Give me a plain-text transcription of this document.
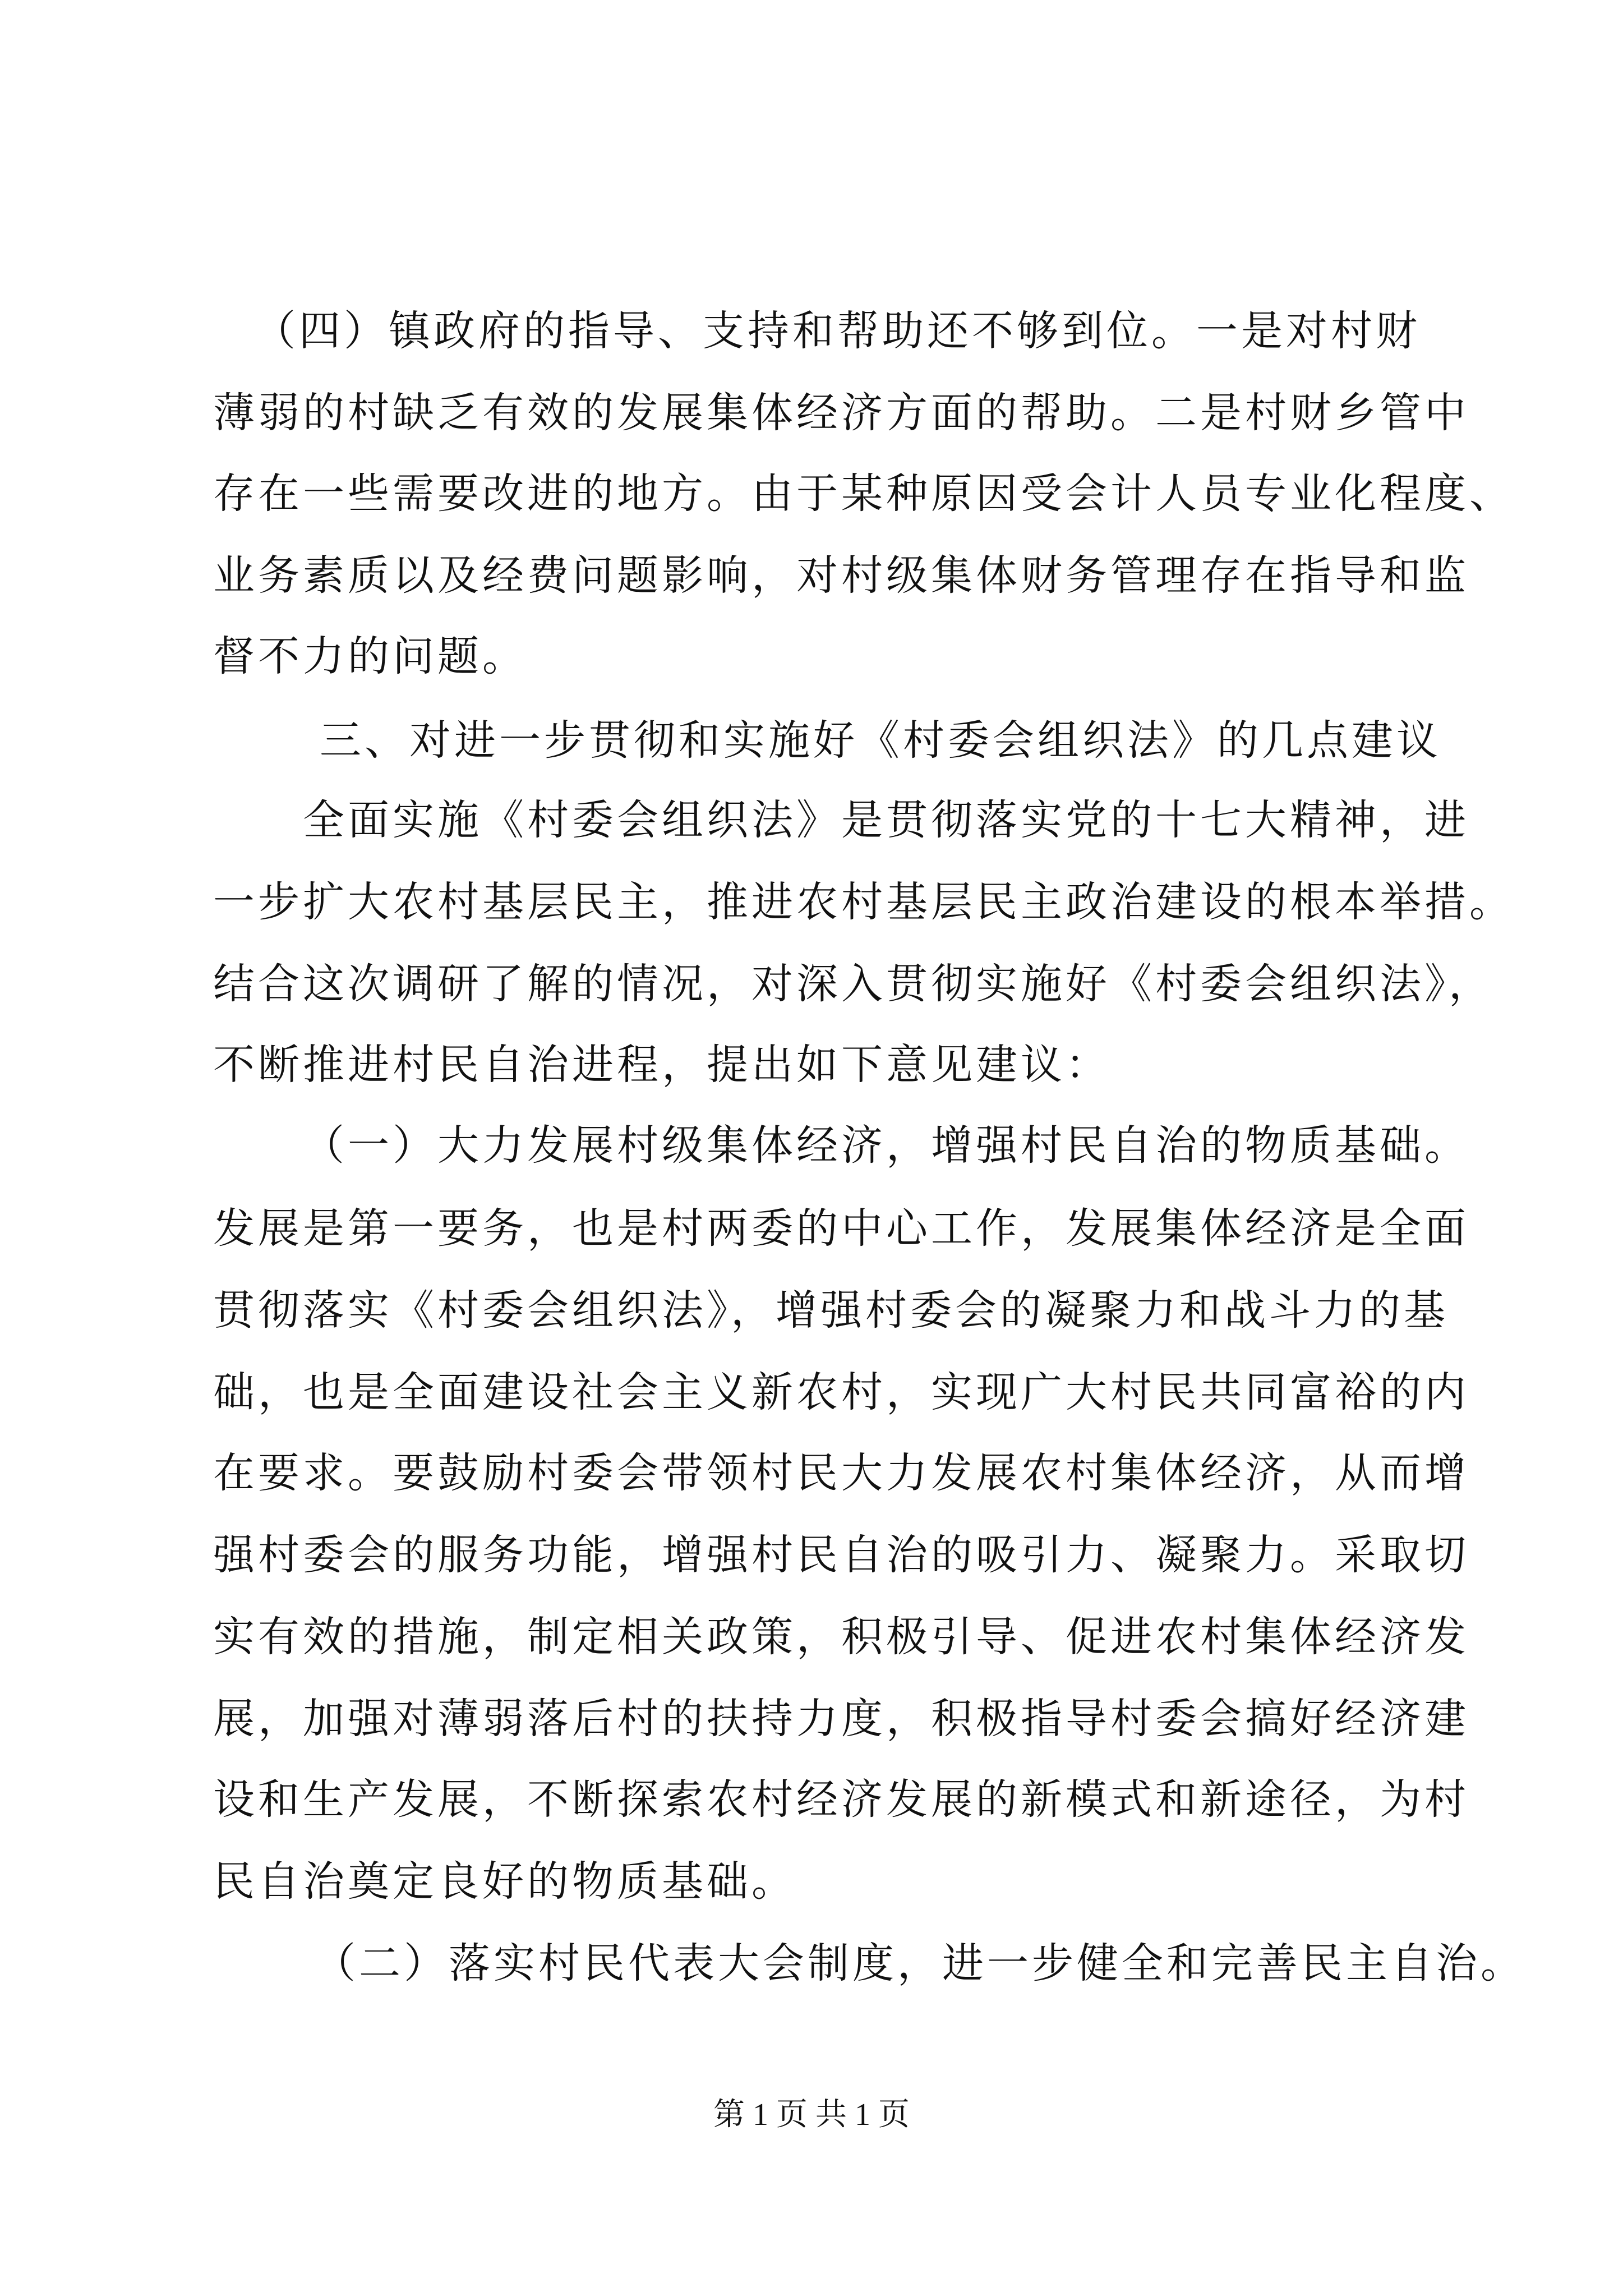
（四）镇政府的指导、支持和帮助还不够到位。一是对村财
薄弱的村缺乏有效的发展集体经济方面的帮助。二是村财乡管中
存在一些需要改进的地方。由于某种原因受会计人员专业化程度、
业务素质以及经费问题影响，对村级集体财务管理存在指导和监
督不力的问题。
三、对进一步贯彻和实施好《村委会组织法》的几点建议
全面实施《村委会组织法》是贯彻落实党的十七大精神，进
一步扩大农村基层民主，推进农村基层民主政治建设的根本举措。
结合这次调研了解的情况，对深入贯彻实施好《村委会组织法》，
不断推进村民自治进程，提出如下意见建议：
（一）大力发展村级集体经济，增强村民自治的物质基础。
发展是第一要务，也是村两委的中心工作，发展集体经济是全面
贯彻落实《村委会组织法》，增强村委会的凝聚力和战斗力的基
础，也是全面建设社会主义新农村，实现广大村民共同富裕的内
在要求。要鼓励村委会带领村民大力发展农村集体经济，从而增
强村委会的服务功能，增强村民自治的吸引力、凝聚力。采取切
实有效的措施，制定相关政策，积极引导、促进农村集体经济发
展，加强对薄弱落后村的扶持力度，积极指导村委会搞好经济建
设和生产发展，不断探索农村经济发展的新模式和新途径，为村
民自治奠定良好的物质基础。
（二）落实村民代表大会制度，进一步健全和完善民主自治。
第 1 页 共 1 页
